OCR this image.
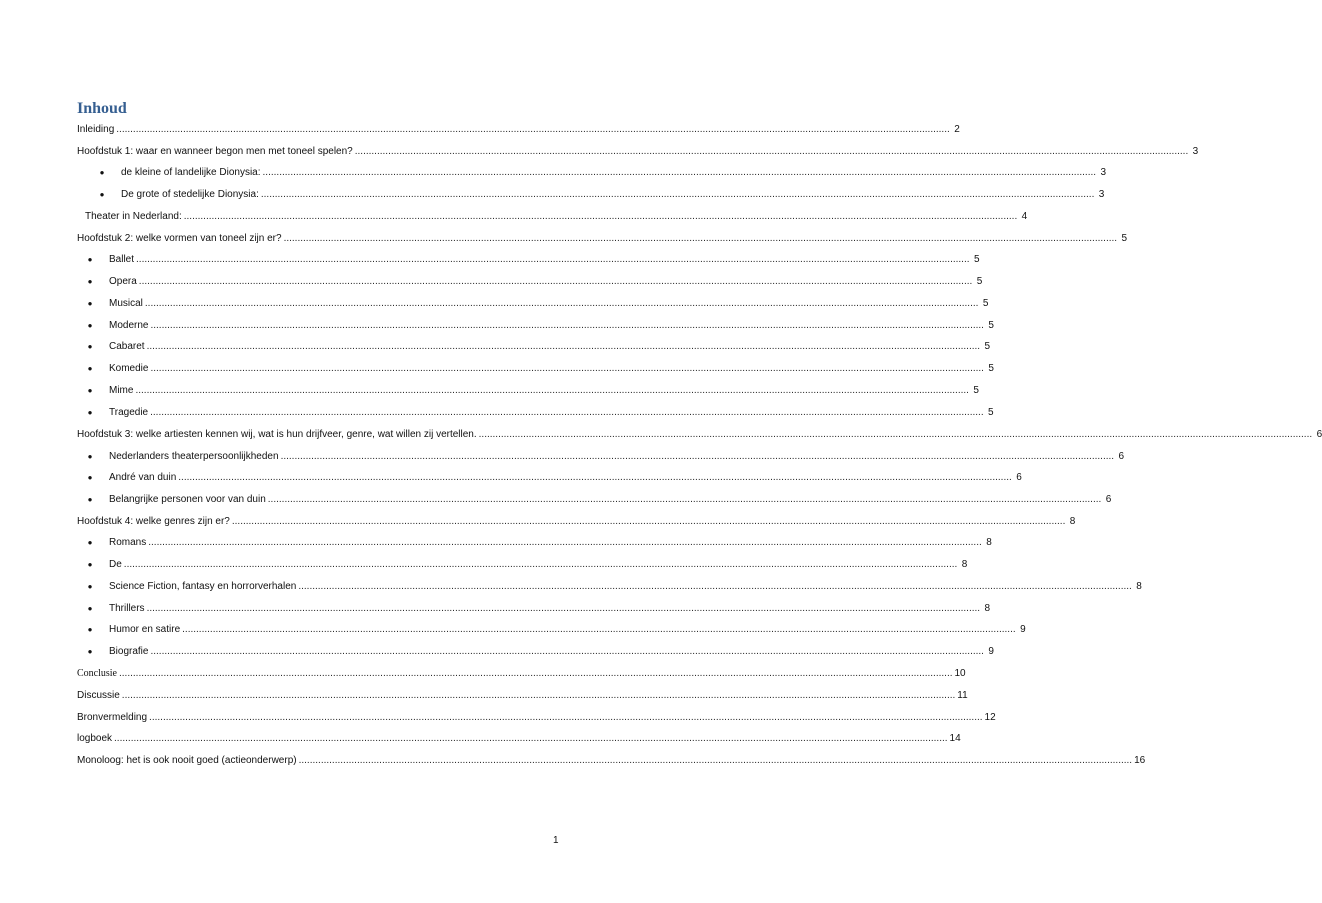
Inhoud
Inleiding ............................................................................................................................................................................................................................................................................................................ 2
Hoofdstuk 1: waar en wanneer begon men met toneel spelen? ............................................................................................................................................................................................................................................................................................................ 3
● de kleine of landelijke Dionysia: ............................................................................................................................................................................................................................................................................................................ 3
● De grote of stedelijke Dionysia: ............................................................................................................................................................................................................................................................................................................ 3
Theater in Nederland: ............................................................................................................................................................................................................................................................................................................ 4
Hoofdstuk 2: welke vormen van toneel zijn er? ............................................................................................................................................................................................................................................................................................................ 5
● Ballet ............................................................................................................................................................................................................................................................................................................ 5
● Opera ............................................................................................................................................................................................................................................................................................................ 5
● Musical ............................................................................................................................................................................................................................................................................................................ 5
● Moderne ............................................................................................................................................................................................................................................................................................................ 5
● Cabaret ............................................................................................................................................................................................................................................................................................................ 5
● Komedie ............................................................................................................................................................................................................................................................................................................ 5
● Mime ............................................................................................................................................................................................................................................................................................................ 5
● Tragedie ............................................................................................................................................................................................................................................................................................................ 5
Hoofdstuk 3: welke artiesten kennen wij, wat is hun drijfveer, genre, wat willen zij vertellen. ............................................................................................................................................................................................................................................................................................................ 6
● Nederlanders theaterpersoonlijkheden ............................................................................................................................................................................................................................................................................................................ 6
● André van duin ............................................................................................................................................................................................................................................................................................................ 6
● Belangrijke personen voor van duin ............................................................................................................................................................................................................................................................................................................ 6
Hoofdstuk 4: welke genres zijn er? ............................................................................................................................................................................................................................................................................................................ 8
● Romans ............................................................................................................................................................................................................................................................................................................ 8
● De ............................................................................................................................................................................................................................................................................................................ 8
● Science Fiction, fantasy en horrorverhalen ............................................................................................................................................................................................................................................................................................................ 8
● Thrillers ............................................................................................................................................................................................................................................................................................................ 8
● Humor en satire ............................................................................................................................................................................................................................................................................................................ 9
● Biografie ............................................................................................................................................................................................................................................................................................................ 9
Conclusie ............................................................................................................................................................................................................................................................................................................ 10
Discussie ............................................................................................................................................................................................................................................................................................................ 11
Bronvermelding ............................................................................................................................................................................................................................................................................................................ 12
logboek ............................................................................................................................................................................................................................................................................................................ 14
Monoloog: het is ook nooit goed (actieonderwerp) ............................................................................................................................................................................................................................................................................................................ 16
1
